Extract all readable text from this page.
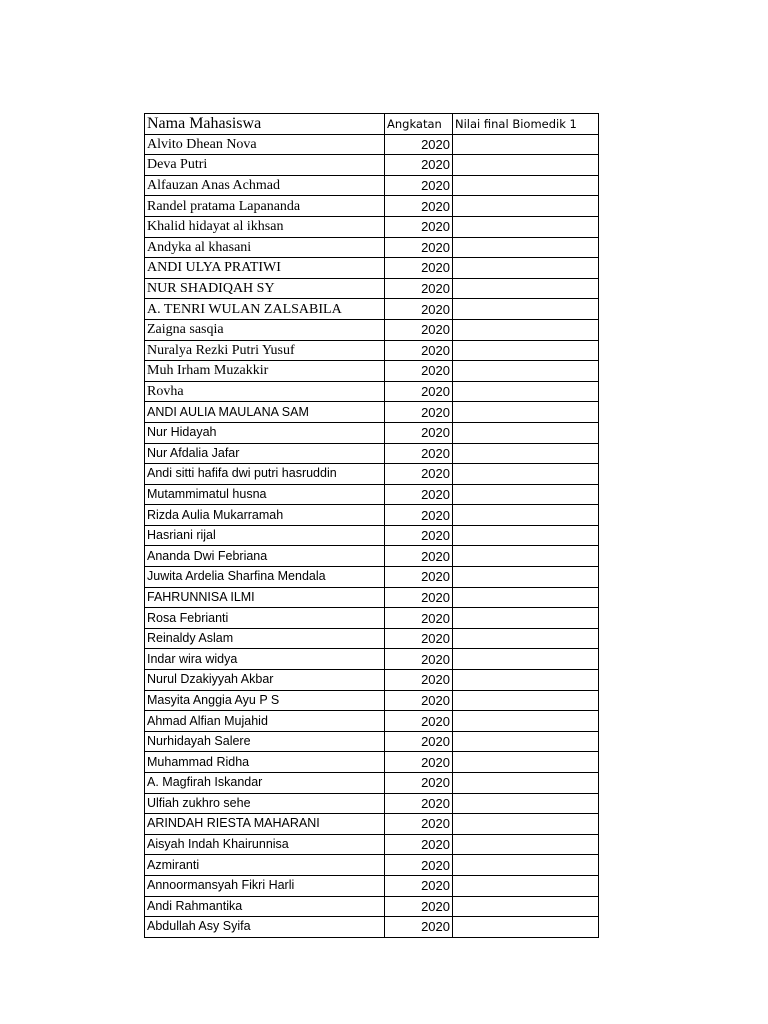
Nama Mahasiswa	Angkatan	Nilai final Biomedik 1
Alvito Dhean Nova	2020	
Deva Putri	2020	
Alfauzan Anas Achmad	2020	
Randel pratama Lapananda	2020	
Khalid hidayat al ikhsan	2020	
Andyka al khasani	2020	
ANDI ULYA PRATIWI	2020	
NUR SHADIQAH SY	2020	
A. TENRI WULAN ZALSABILA	2020	
Zaigna sasqia	2020	
Nuralya Rezki Putri Yusuf	2020	
Muh Irham Muzakkir	2020	
Rovha	2020	
ANDI AULIA MAULANA SAM	2020	
Nur Hidayah	2020	
Nur Afdalia Jafar	2020	
Andi sitti hafifa dwi putri hasruddin	2020	
Mutammimatul husna	2020	
Rizda Aulia Mukarramah	2020	
Hasriani rijal	2020	
Ananda Dwi Febriana	2020	
Juwita Ardelia Sharfina Mendala	2020	
FAHRUNNISA ILMI	2020	
Rosa Febrianti	2020	
Reinaldy Aslam	2020	
Indar wira widya	2020	
Nurul Dzakiyyah Akbar	2020	
Masyita Anggia Ayu P S	2020	
Ahmad Alfian Mujahid	2020	
Nurhidayah Salere	2020	
Muhammad Ridha	2020	
A. Magfirah Iskandar	2020	
Ulfiah zukhro sehe	2020	
ARINDAH RIESTA MAHARANI	2020	
Aisyah Indah Khairunnisa	2020	
Azmiranti	2020	
Annoormansyah Fikri Harli	2020	
Andi Rahmantika	2020	
Abdullah Asy Syifa	2020	
